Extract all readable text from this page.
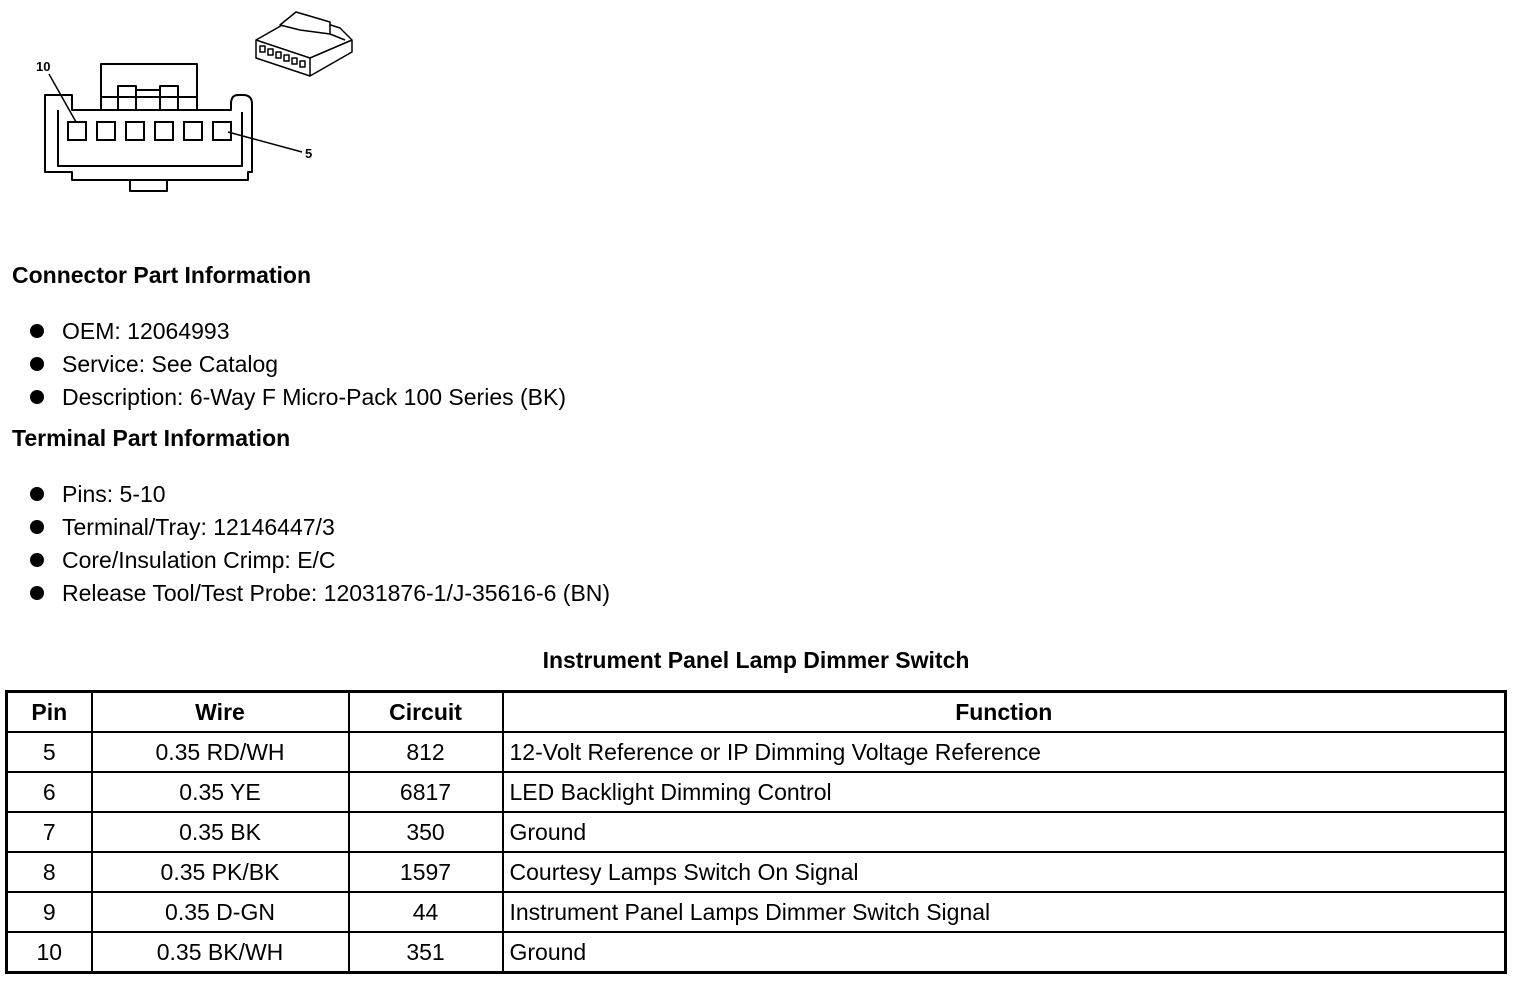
10
5
Connector Part Information
OEM: 12064993
Service: See Catalog
Description: 6-Way F Micro-Pack 100 Series (BK)
Terminal Part Information
Pins: 5-10
Terminal/Tray: 12146447/3
Core/Insulation Crimp: E/C
Release Tool/Test Probe: 12031876-1/J-35616-6 (BN)
Instrument Panel Lamp Dimmer Switch
Pin	Wire	Circuit	Function
5	0.35 RD/WH	812	12-Volt Reference or IP Dimming Voltage Reference
6	0.35 YE	6817	LED Backlight Dimming Control
7	0.35 BK	350	Ground
8	0.35 PK/BK	1597	Courtesy Lamps Switch On Signal
9	0.35 D-GN	44	Instrument Panel Lamps Dimmer Switch Signal
10	0.35 BK/WH	351	Ground
